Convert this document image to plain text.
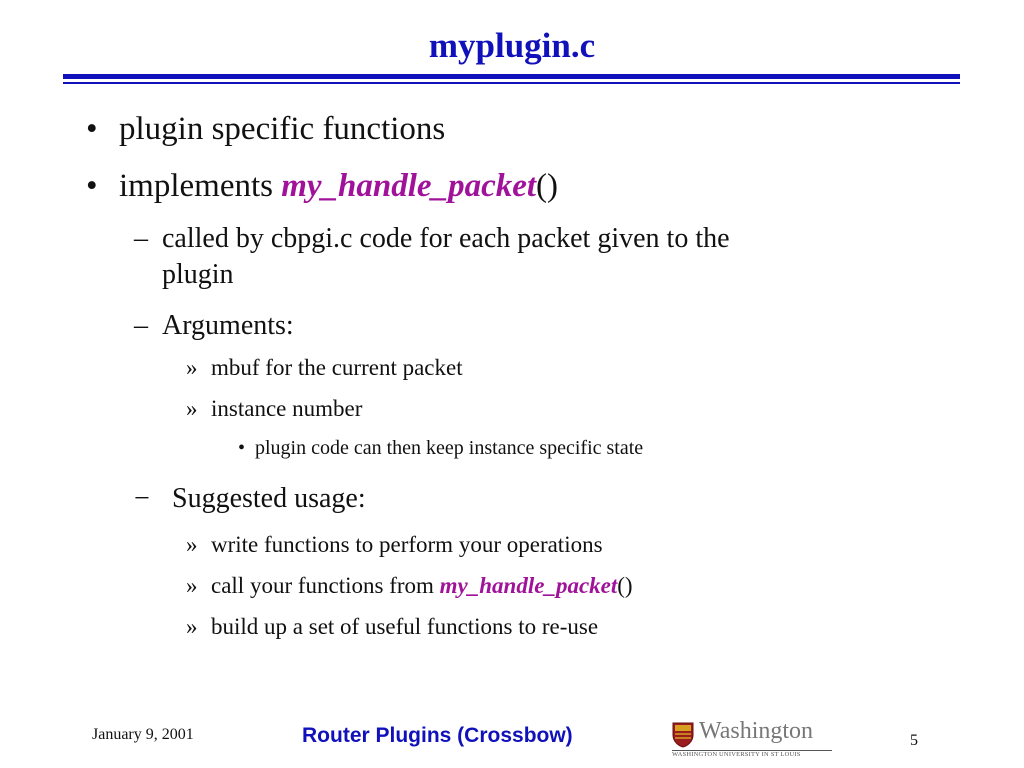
myplugin.c
• plugin specific functions
• implements my_handle_packet()
– called by cbpgi.c code for each packet given to the
plugin
– Arguments:
» mbuf for the current packet
» instance number
• plugin code can then keep instance specific state
− Suggested usage:
» write functions to perform your operations
» call your functions from my_handle_packet()
» build up a set of useful functions to re-use
January 9, 2001	Router Plugins (Crossbow)	Washington
WASHINGTON UNIVERSITY IN ST LOUIS
5
